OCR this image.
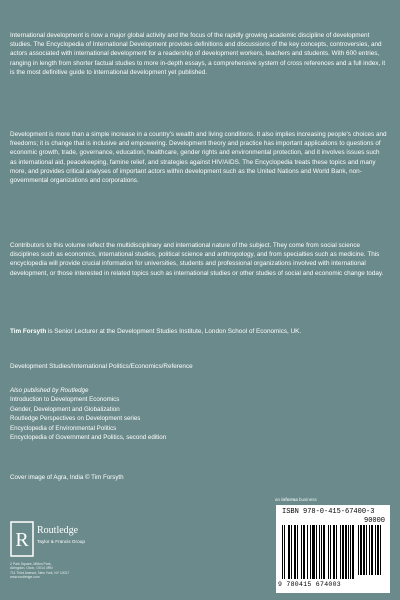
International development is now a major global activity and the focus of the rapidly growing academic discipline of development studies. The Encyclopedia of International Development provides definitions and discussions of the key concepts, controversies, and actors associated with international development for a readership of development workers, teachers and students. With 600 entries, ranging in length from shorter factual studies to more in-depth essays, a comprehensive system of cross references and a full index, it is the most definitive guide to international development yet published.

Development is more than a simple increase in a country's wealth and living conditions. It also implies increasing people's choices and freedoms; it is change that is inclusive and empowering. Development theory and practice has important applications to questions of economic growth, trade, governance, education, healthcare, gender rights and environmental protection, and it involves issues such as international aid, peacekeeping, famine relief, and strategies against HIV/AIDS. The Encyclopedia treats these topics and many more, and provides critical analyses of important actors within development such as the United Nations and World Bank, non-governmental organizations and corporations.

Contributors to this volume reflect the multidisciplinary and international nature of the subject. They come from social science disciplines such as economics, international studies, political science and anthropology, and from specialties such as medicine. This encyclopedia will provide crucial information for universities, students and professional organizations involved with international development, or those interested in related topics such as international studies or other studies of social and economic change today.

Tim Forsyth is Senior Lecturer at the Development Studies Institute, London School of Economics, UK.

Development Studies/International Politics/Economics/Reference
Also published by Routledge
Introduction to Development Economics
Gender, Development and Globalization
Routledge Perspectives on Development series
Encyclopedia of Environmental Politics
Encyclopedia of Government and Politics, second edition
Cover image of Agra, India © Tim Forsyth
an informa business
R Routledge
Taylor & Francis Group
2 Park Square, Milton Park,
Abingdon, Oxon, OX14 4RN
711 Third Avenue, New York, NY 10017
www.routledge.com
ISBN 978-0-415-67400-3
90000
9 780415 674003
